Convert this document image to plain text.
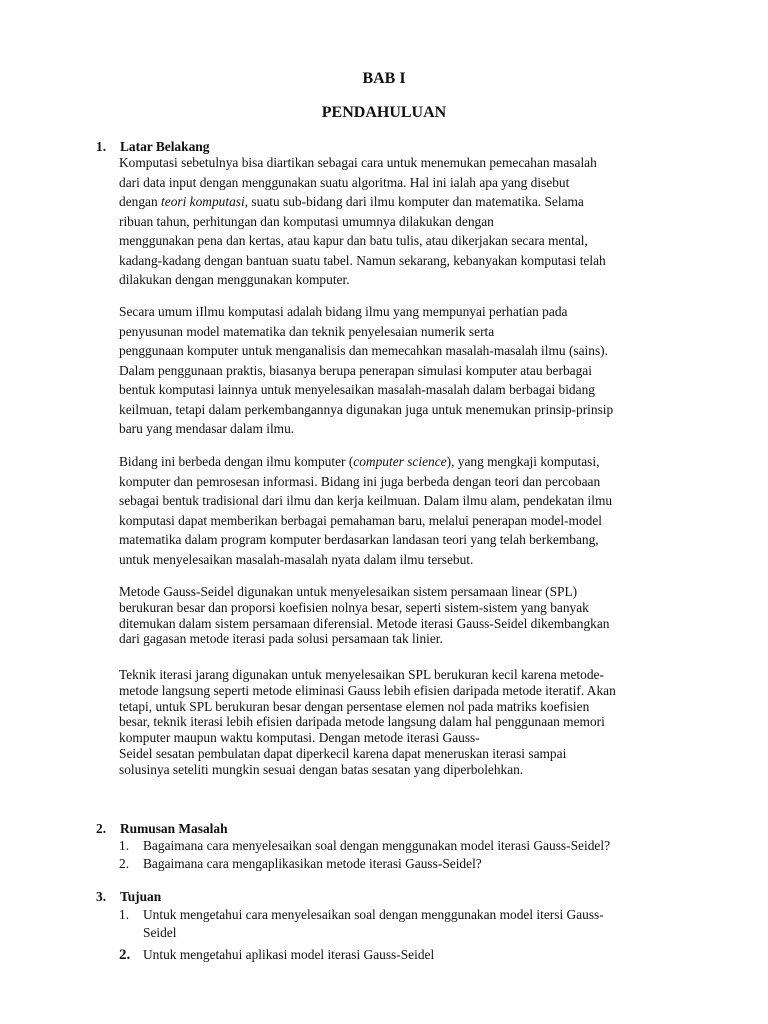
BAB I
PENDAHULUAN
1. Latar Belakang
Komputasi sebetulnya bisa diartikan sebagai cara untuk menemukan pemecahan masalah
dari data input dengan menggunakan suatu algoritma. Hal ini ialah apa yang disebut
dengan teori komputasi, suatu sub-bidang dari ilmu komputer dan matematika. Selama
ribuan tahun, perhitungan dan komputasi umumnya dilakukan dengan
menggunakan pena dan kertas, atau kapur dan batu tulis, atau dikerjakan secara mental,
kadang-kadang dengan bantuan suatu tabel. Namun sekarang, kebanyakan komputasi telah
dilakukan dengan menggunakan komputer.
Secara umum iIlmu komputasi adalah bidang ilmu yang mempunyai perhatian pada
penyusunan model matematika dan teknik penyelesaian numerik serta
penggunaan komputer untuk menganalisis dan memecahkan masalah-masalah ilmu (sains).
Dalam penggunaan praktis, biasanya berupa penerapan simulasi komputer atau berbagai
bentuk komputasi lainnya untuk menyelesaikan masalah-masalah dalam berbagai bidang
keilmuan, tetapi dalam perkembangannya digunakan juga untuk menemukan prinsip-prinsip
baru yang mendasar dalam ilmu.
Bidang ini berbeda dengan ilmu komputer (computer science), yang mengkaji komputasi,
komputer dan pemrosesan informasi. Bidang ini juga berbeda dengan teori dan percobaan
sebagai bentuk tradisional dari ilmu dan kerja keilmuan. Dalam ilmu alam, pendekatan ilmu
komputasi dapat memberikan berbagai pemahaman baru, melalui penerapan model-model
matematika dalam program komputer berdasarkan landasan teori yang telah berkembang,
untuk menyelesaikan masalah-masalah nyata dalam ilmu tersebut.
Metode Gauss-Seidel digunakan untuk menyelesaikan sistem persamaan linear (SPL)
berukuran besar dan proporsi koefisien nolnya besar, seperti sistem-sistem yang banyak
ditemukan dalam sistem persamaan diferensial. Metode iterasi Gauss-Seidel dikembangkan
dari gagasan metode iterasi pada solusi persamaan tak linier.
Teknik iterasi jarang digunakan untuk menyelesaikan SPL berukuran kecil karena metode-
metode langsung seperti metode eliminasi Gauss lebih efisien daripada metode iteratif. Akan
tetapi, untuk SPL berukuran besar dengan persentase elemen nol pada matriks koefisien
besar, teknik iterasi lebih efisien daripada metode langsung dalam hal penggunaan memori
komputer maupun waktu komputasi. Dengan metode iterasi Gauss-
Seidel sesatan pembulatan dapat diperkecil karena dapat meneruskan iterasi sampai
solusinya seteliti mungkin sesuai dengan batas sesatan yang diperbolehkan.
2. Rumusan Masalah
1. Bagaimana cara menyelesaikan soal dengan menggunakan model iterasi Gauss-Seidel?
2. Bagaimana cara mengaplikasikan metode iterasi Gauss-Seidel?
3. Tujuan
1. Untuk mengetahui cara menyelesaikan soal dengan menggunakan model itersi Gauss-
Seidel
2. Untuk mengetahui aplikasi model iterasi Gauss-Seidel
